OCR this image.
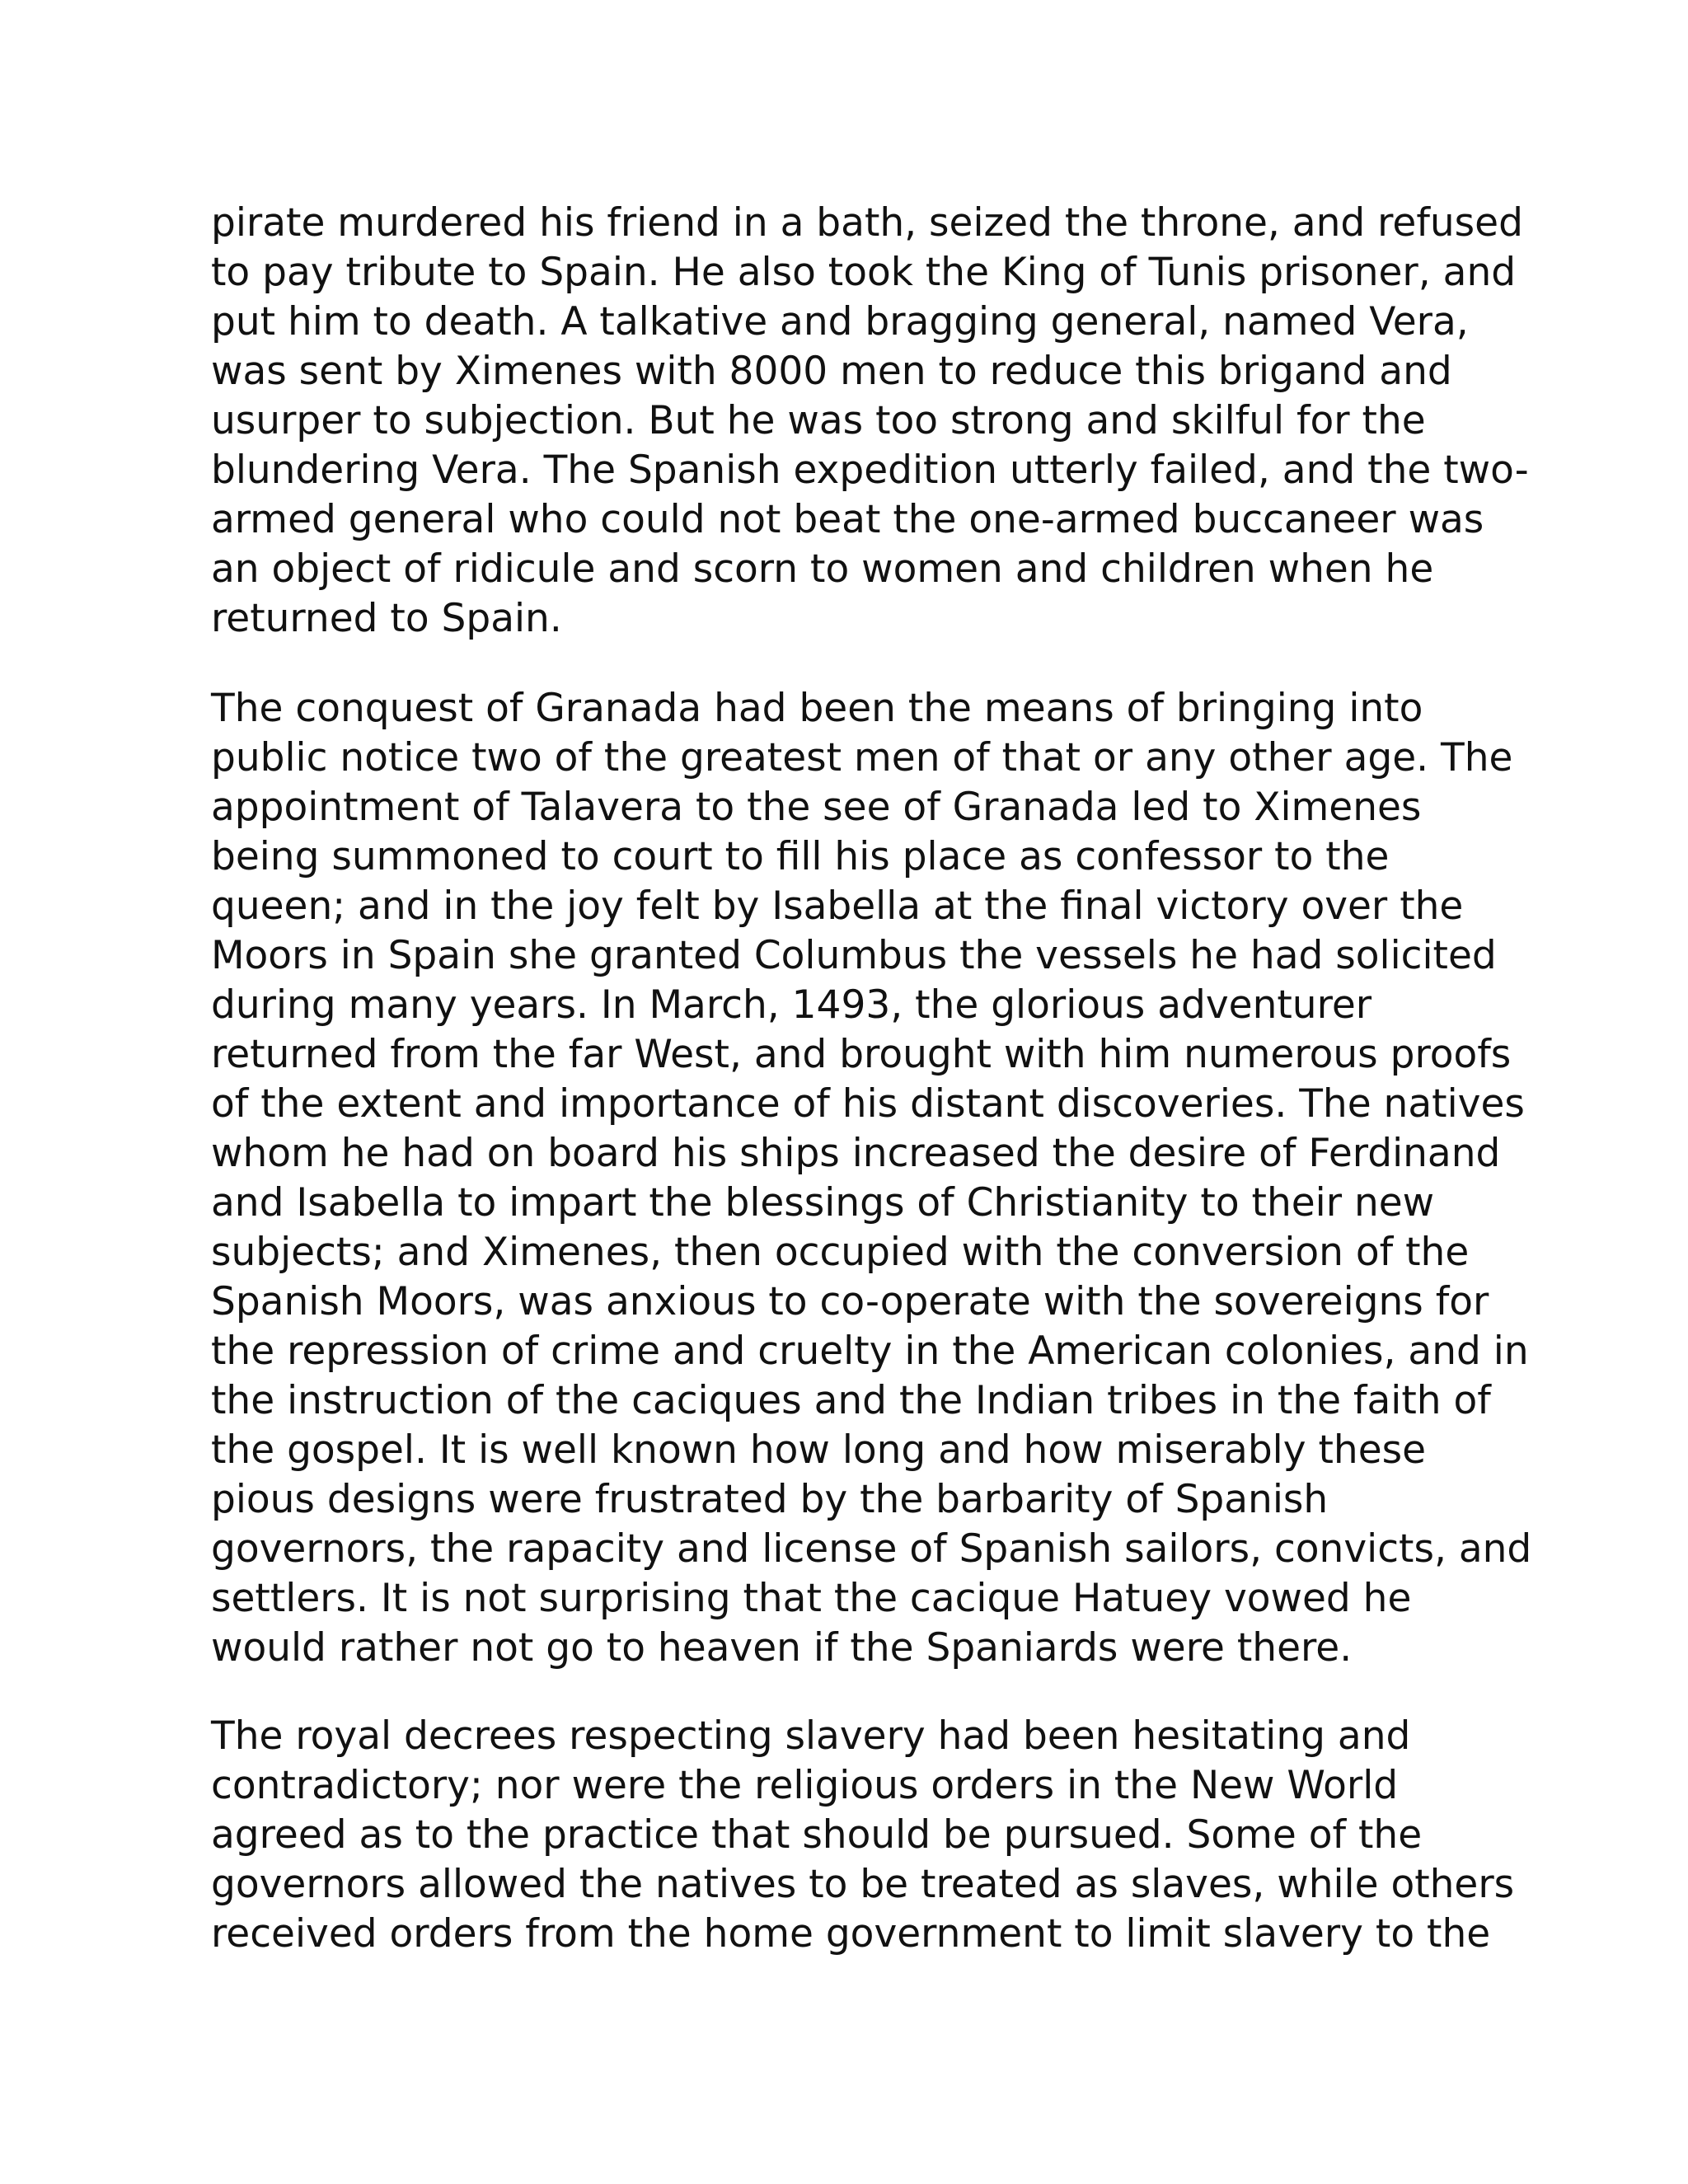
pirate murdered his friend in a bath, seized the throne, and refused
to pay tribute to Spain. He also took the King of Tunis prisoner, and
put him to death. A talkative and bragging general, named Vera,
was sent by Ximenes with 8000 men to reduce this brigand and
usurper to subjection. But he was too strong and skilful for the
blundering Vera. The Spanish expedition utterly failed, and the two-
armed general who could not beat the one-armed buccaneer was
an object of ridicule and scorn to women and children when he
returned to Spain.
The conquest of Granada had been the means of bringing into
public notice two of the greatest men of that or any other age. The
appointment of Talavera to the see of Granada led to Ximenes
being summoned to court to fill his place as confessor to the
queen; and in the joy felt by Isabella at the final victory over the
Moors in Spain she granted Columbus the vessels he had solicited
during many years. In March, 1493, the glorious adventurer
returned from the far West, and brought with him numerous proofs
of the extent and importance of his distant discoveries. The natives
whom he had on board his ships increased the desire of Ferdinand
and Isabella to impart the blessings of Christianity to their new
subjects; and Ximenes, then occupied with the conversion of the
Spanish Moors, was anxious to co-operate with the sovereigns for
the repression of crime and cruelty in the American colonies, and in
the instruction of the caciques and the Indian tribes in the faith of
the gospel. It is well known how long and how miserably these
pious designs were frustrated by the barbarity of Spanish
governors, the rapacity and license of Spanish sailors, convicts, and
settlers. It is not surprising that the cacique Hatuey vowed he
would rather not go to heaven if the Spaniards were there.
The royal decrees respecting slavery had been hesitating and
contradictory; nor were the religious orders in the New World
agreed as to the practice that should be pursued. Some of the
governors allowed the natives to be treated as slaves, while others
received orders from the home government to limit slavery to the
